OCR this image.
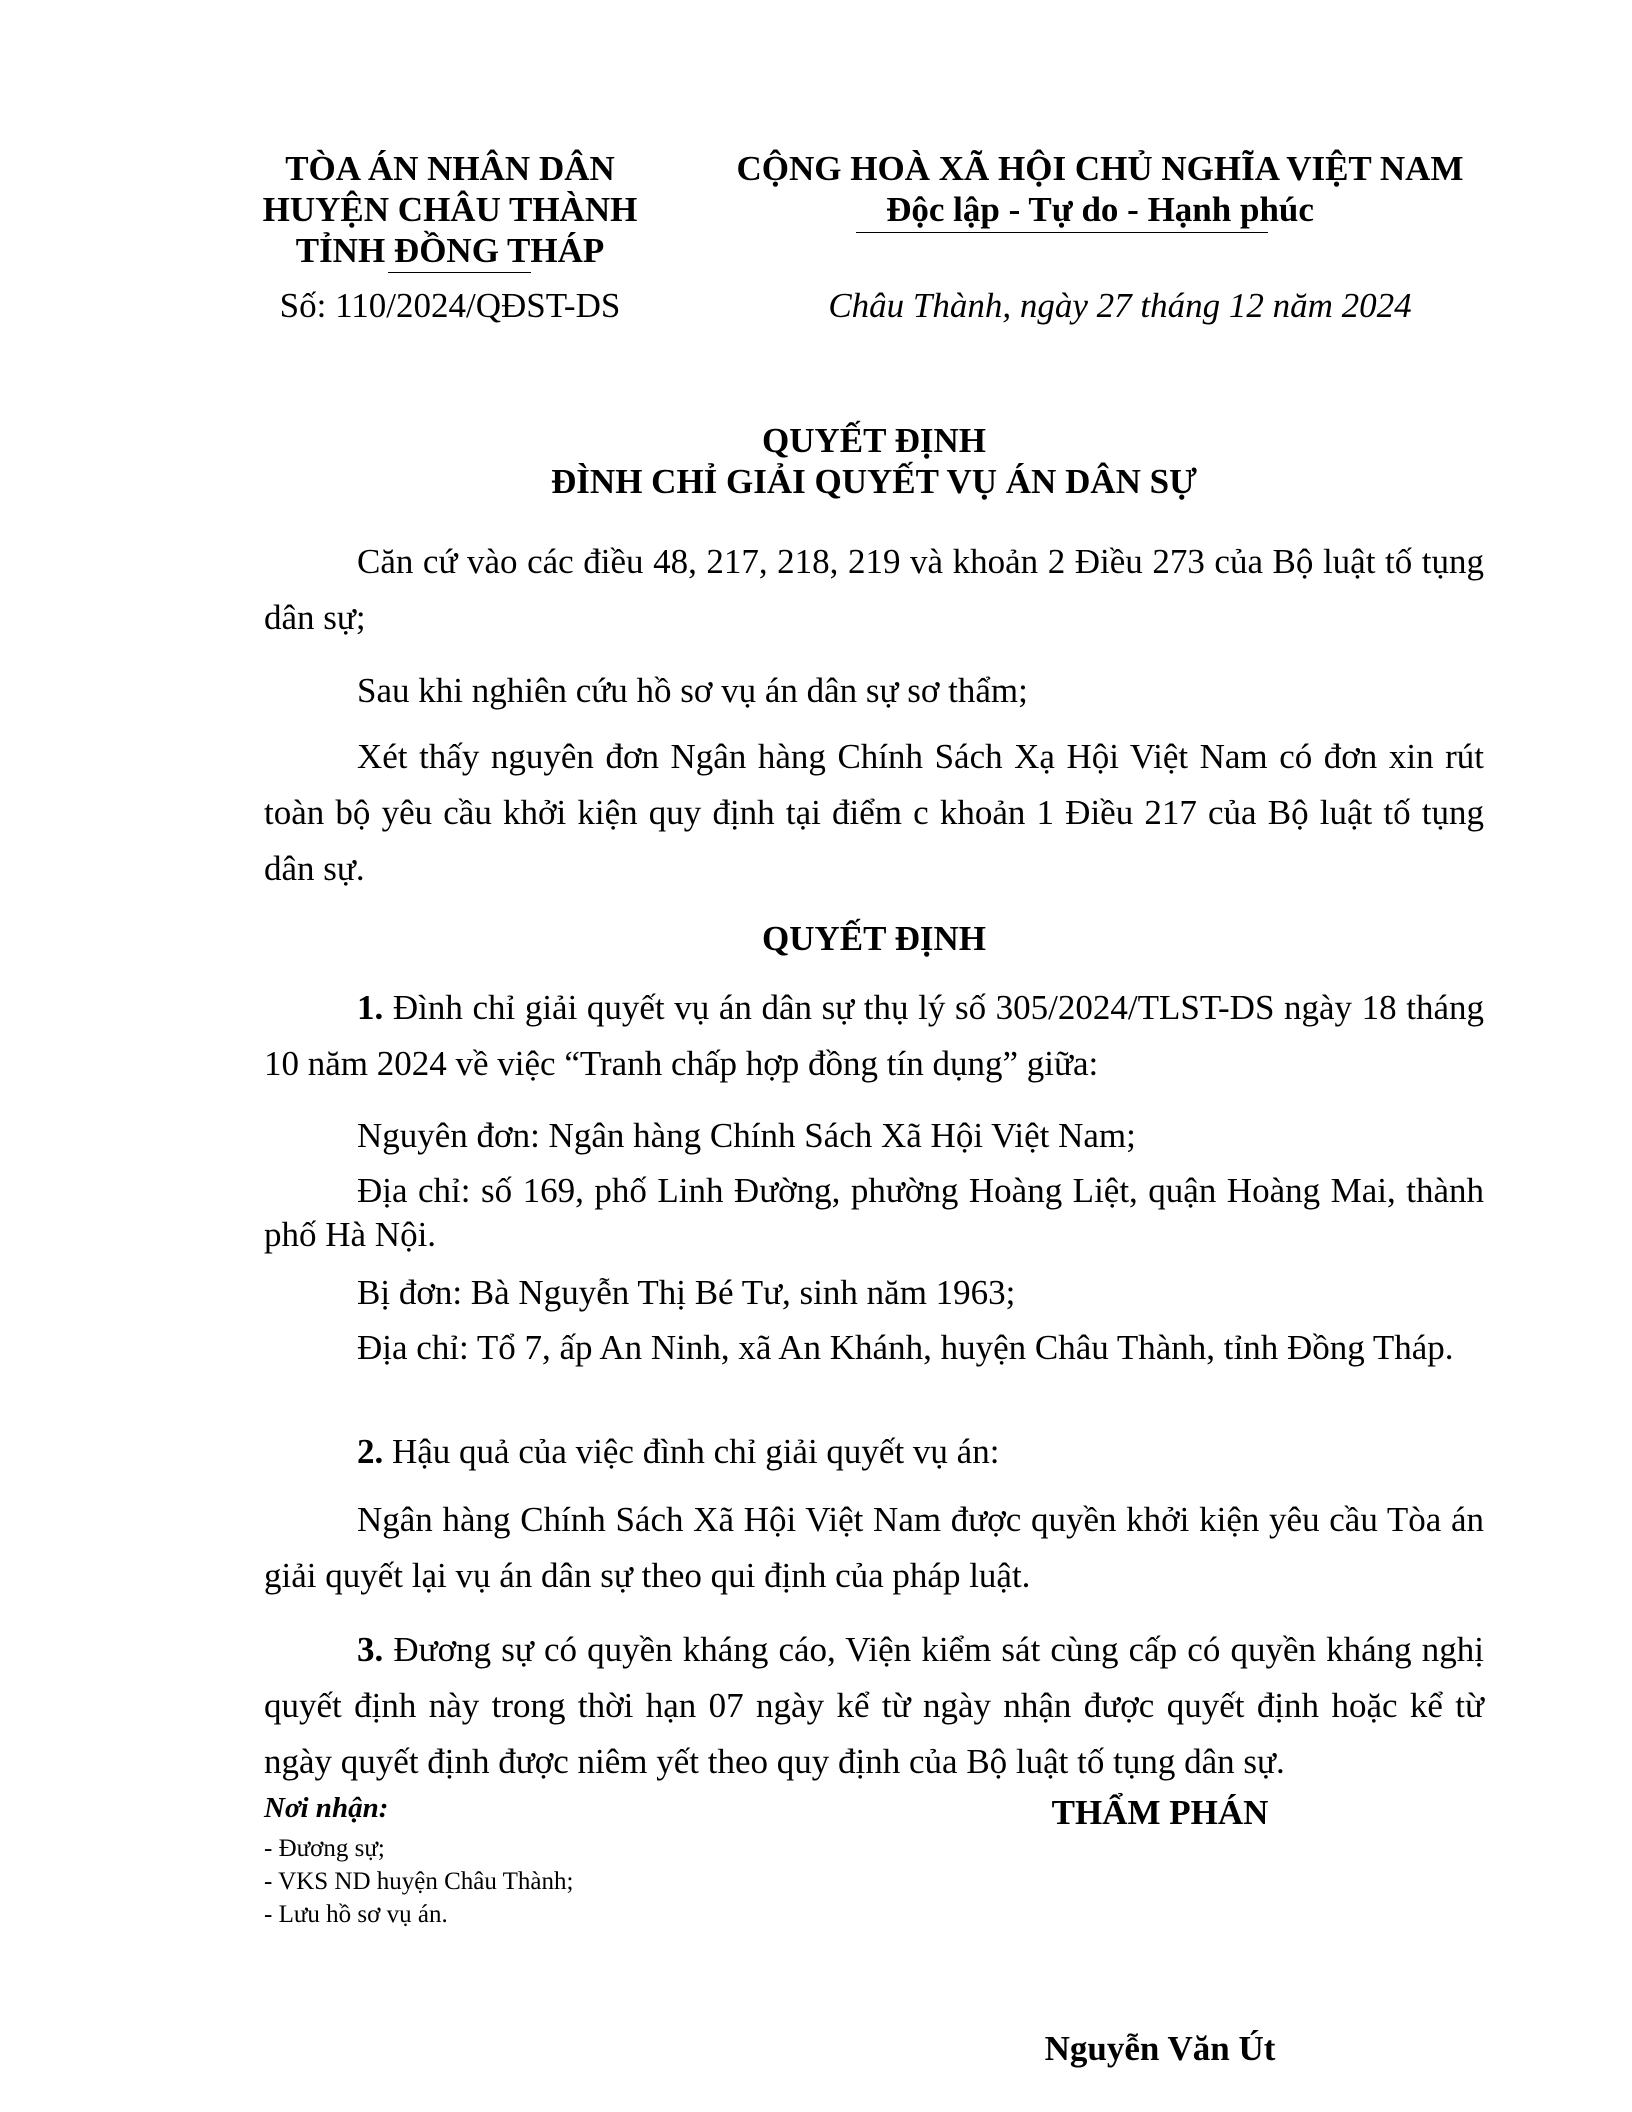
TÒA ÁN NHÂN DÂN
HUYỆN CHÂU THÀNH
TỈNH ĐỒNG THÁP
Số: 110/2024/QĐST-DS
CỘNG HOÀ XÃ HỘI CHỦ NGHĨA VIỆT NAM
Độc lập - Tự do - Hạnh phúc
Châu Thành, ngày 27 tháng 12 năm 2024
QUYẾT ĐỊNH
ĐÌNH CHỈ GIẢI QUYẾT VỤ ÁN DÂN SỰ

Căn cứ vào các điều 48, 217, 218, 219 và khoản 2 Điều 273 của Bộ luật tố tụng dân sự;

Sau khi nghiên cứu hồ sơ vụ án dân sự sơ thẩm;

Xét thấy nguyên đơn Ngân hàng Chính Sách Xạ Hội Việt Nam có đơn xin rút toàn bộ yêu cầu khởi kiện quy định tại điểm c khoản 1 Điều 217 của Bộ luật tố tụng dân sự.

QUYẾT ĐỊNH

1. Đình chỉ giải quyết vụ án dân sự thụ lý số 305/2024/TLST-DS ngày 18 tháng 10 năm 2024 về việc “Tranh chấp hợp đồng tín dụng” giữa:

Nguyên đơn: Ngân hàng Chính Sách Xã Hội Việt Nam;

Địa chỉ: số 169, phố Linh Đường, phường Hoàng Liệt, quận Hoàng Mai, thành phố Hà Nội.

Bị đơn: Bà Nguyễn Thị Bé Tư, sinh năm 1963;

Địa chỉ: Tổ 7, ấp An Ninh, xã An Khánh, huyện Châu Thành, tỉnh Đồng Tháp.

2. Hậu quả của việc đình chỉ giải quyết vụ án:

Ngân hàng Chính Sách Xã Hội Việt Nam được quyền khởi kiện yêu cầu Tòa án giải quyết lại vụ án dân sự theo qui định của pháp luật.

3. Đương sự có quyền kháng cáo, Viện kiểm sát cùng cấp có quyền kháng nghị quyết định này trong thời hạn 07 ngày kể từ ngày nhận được quyết định hoặc kể từ ngày quyết định được niêm yết theo quy định của Bộ luật tố tụng dân sự.

Nơi nhận:
- Đương sự;
- VKS ND huyện Châu Thành;
- Lưu hồ sơ vụ án.
THẨM PHÁN
Nguyễn Văn Út
